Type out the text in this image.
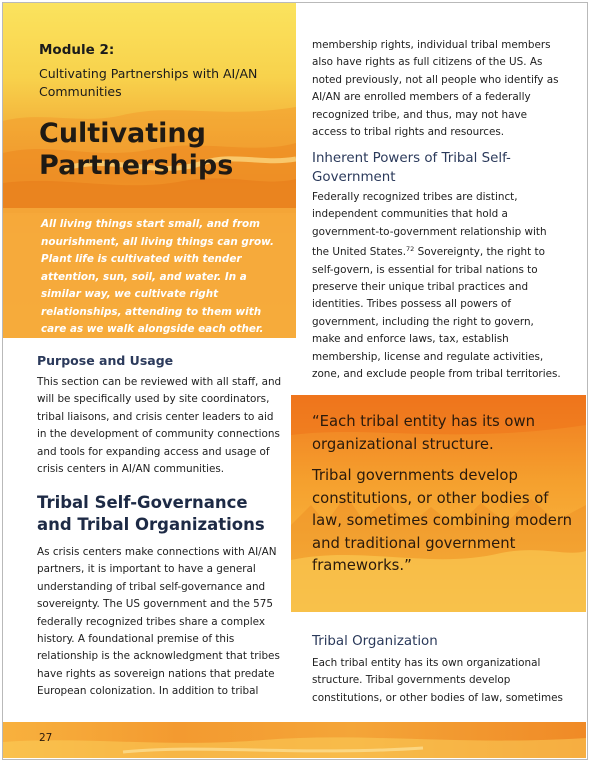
Module 2:
Cultivating Partnerships with AI/AN Communities
Cultivating Partnerships
All living things start small, and from nourishment, all living things can grow. Plant life is cultivated with tender attention, sun, soil, and water. In a similar way, we cultivate right relationships, attending to them with care as we walk alongside each other.
Purpose and Usage
This section can be reviewed with all staff, and will be specifically used by site coordinators, tribal liaisons, and crisis center leaders to aid in the development of community connections and tools for expanding access and usage of crisis centers in AI/AN communities.
Tribal Self-Governance and Tribal Organizations
As crisis centers make connections with AI/AN partners, it is important to have a general understanding of tribal self-governance and sovereignty. The US government and the 575 federally recognized tribes share a complex history. A foundational premise of this relationship is the acknowledgment that tribes have rights as sovereign nations that predate European colonization. In addition to tribal
membership rights, individual tribal members also have rights as full citizens of the US. As noted previously, not all people who identify as AI/AN are enrolled members of a federally recognized tribe, and thus, may not have access to tribal rights and resources.
Inherent Powers of Tribal Self-Government
Federally recognized tribes are distinct, independent communities that hold a government-to-government relationship with the United States.$^{72}$ Sovereignty, the right to self-govern, is essential for tribal nations to preserve their unique tribal practices and identities. Tribes possess all powers of government, including the right to govern, make and enforce laws, tax, establish membership, license and regulate activities, zone, and exclude people from tribal territories.

“Each tribal entity has its own organizational structure.

Tribal governments develop constitutions, or other bodies of law, sometimes combining modern and traditional government frameworks.”

Tribal Organization
Each tribal entity has its own organizational structure. Tribal governments develop constitutions, or other bodies of law, sometimes
27
